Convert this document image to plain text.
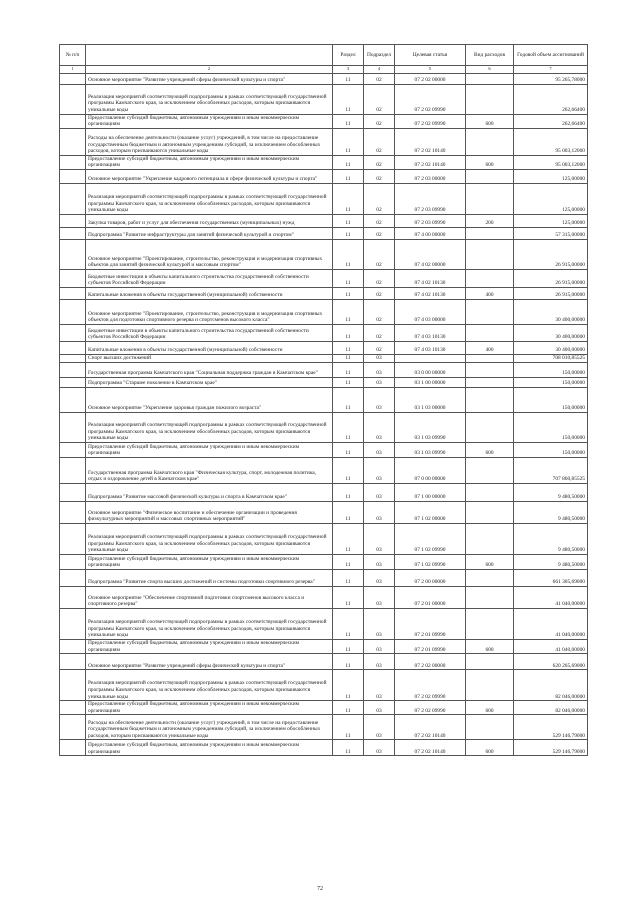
№ п/п		Раздел	Подраздел	Целевая статья	Вид расходов	Годовой объем ассигнований
1	2	3	4	5	6	7
	Основное мероприятие "Развитие учреждений сферы физической культуры и спорта"	11	02	07 2 02 00000		95 265,78000
	Реализация мероприятий соответствующей подпрограммы в рамках соответствующей государственной программы Камчатского края, за исключением обособленных расходов, которым присваиваются уникальные коды	11	02	07 2 02 09990		262,66400
	Предоставление субсидий бюджетным, автономным учреждениям и иным некоммерческим организациям	11	02	07 2 02 09990	600	262,66400
	Расходы на обеспечение деятельности (оказание услуг) учреждений, в том числе на предоставление государственным бюджетным и автономным учреждениям субсидий, за исключением обособленных расходов, которым присваиваются уникальные коды	11	02	07 2 02 10140		95 003,12000
	Предоставление субсидий бюджетным, автономным учреждениям и иным некоммерческим организациям	11	02	07 2 02 10140	600	95 003,12000
	Основное мероприятие "Укрепление кадрового потенциала в сфере физической культуры и спорта"	11	02	07 2 03 00000		125,00000
	Реализация мероприятий соответствующей подпрограммы в рамках соответствующей государственной программы Камчатского края, за исключением обособленных расходов, которым присваиваются уникальные коды	11	02	07 2 03 09990		125,00000
	Закупка товаров, работ и услуг для обеспечения государственных (муниципальных) нужд	11	02	07 2 03 09990	200	125,00000
	Подпрограмма "Развитие инфраструктуры для занятий физической культурой и спортом"	11	02	07 4 00 00000		57 315,00000
	Основное мероприятие "Проектирование, строительство, реконструкция и модернизация спортивных объектов для занятий физической культурой и массовым спортом"	11	02	07 4 02 00000		26 915,00000
	Бюджетные инвестиции в объекты капитального строительства государственной собственности субъектов Российской Федерации	11	02	07 4 02 10130		26 915,00000
	Капитальные вложения в объекты государственной (муниципальной) собственности	11	02	07 4 02 10130	400	26 915,00000
	Основное мероприятие "Проектирование, строительство, реконструкция и модернизация спортивных объектов для подготовки спортивного резерва и спортсменов высокого класса"	11	02	07 4 03 00000		30 400,00000
	Бюджетные инвестиции в объекты капитального строительства государственной собственности субъектов Российской Федерации	11	02	07 4 03 10130		30 400,00000
	Капитальные вложения в объекты государственной (муниципальной) собственности	11	02	07 4 03 10130	400	30 400,00000
	Спорт высших достижений	11	03			708 010,85525
	Государственная программа Камчатского края "Социальная поддержка граждан в Камчатском крае"	11	03	03 0 00 00000		150,00000
	Подпрограмма "Старшее поколение в Камчатском крае"	11	03	03 1 00 00000		150,00000
	Основное мероприятие "Укрепление здоровья граждан пожилого возраста"	11	03	03 1 03 00000		150,00000
	Реализация мероприятий соответствующей подпрограммы в рамках соответствующей государственной программы Камчатского края, за исключением обособленных расходов, которым присваиваются уникальные коды	11	03	03 1 03 09990		150,00000
	Предоставление субсидий бюджетным, автономным учреждениям и иным некоммерческим организациям	11	03	03 1 03 09990	600	150,00000
	Государственная программа Камчатского края "Физическая культура, спорт, молодежная политика, отдых и оздоровление детей в Камчатском крае"	11	03	07 0 00 00000		707 860,85525
	Подпрограмма "Развитие массовой физической культуры и спорта в Камчатском крае"	11	03	07 1 00 00000		9 480,50000
	Основное мероприятие "Физическое воспитание и обеспечение организации и проведения физкультурных мероприятий и массовых спортивных мероприятий"	11	03	07 1 02 00000		9 480,50000
	Реализация мероприятий соответствующей подпрограммы в рамках соответствующей государственной программы Камчатского края, за исключением обособленных расходов, которым присваиваются уникальные коды	11	03	07 1 02 09990		9 480,50000
	Предоставление субсидий бюджетным, автономным учреждениям и иным некоммерческим организациям	11	03	07 1 02 09990	600	9 480,50000
	Подпрограмма "Развитие спорта высших достижений и системы подготовки спортивного резерва"	11	03	07 2 00 00000		661 305,69000
	Основное мероприятие "Обеспечение спортивной подготовки спортсменов высокого класса и спортивного резерва"	11	03	07 2 01 00000		41 040,00000
	Реализация мероприятий соответствующей подпрограммы в рамках соответствующей государственной программы Камчатского края, за исключением обособленных расходов, которым присваиваются уникальные коды	11	03	07 2 01 09990		41 040,00000
	Предоставление субсидий бюджетным, автономным учреждениям и иным некоммерческим организациям	11	03	07 2 01 09990	600	41 040,00000
	Основное мероприятие "Развитие учреждений сферы физической культуры и спорта"	11	03	07 2 02 00000		620 265,69000
	Реализация мероприятий соответствующей подпрограммы в рамках соответствующей государственной программы Камчатского края, за исключением обособленных расходов, которым присваиваются уникальные коды	11	03	07 2 02 09990		82 046,00000
	Предоставление субсидий бюджетным, автономным учреждениям и иным некоммерческим организациям	11	03	07 2 02 09990	600	82 046,00000
	Расходы на обеспечение деятельности (оказание услуг) учреждений, в том числе на предоставление государственным бюджетным и автономным учреждениям субсидий, за исключением обособленных расходов, которым присваиваются уникальные коды	11	03	07 2 02 10140		529 146,79000
	Предоставление субсидий бюджетным, автономным учреждениям и иным некоммерческим организациям	11	03	07 2 02 10140	600	529 146,79000
72
